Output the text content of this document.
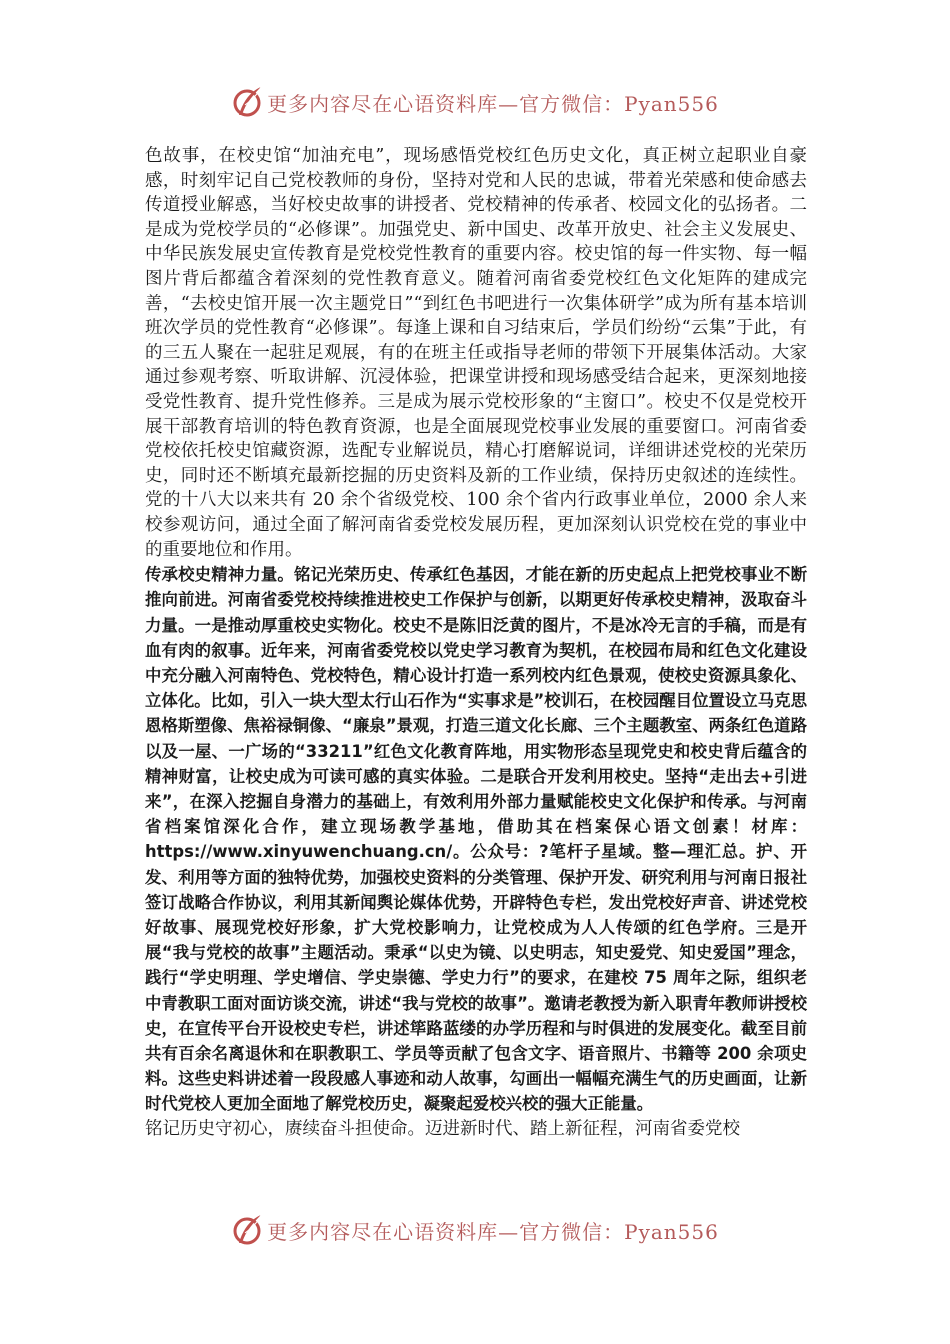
更多内容尽在心语资料库—官方微信：Pyan556

色故事，在校史馆“加油充电”，现场感悟党校红色历史文化，真正树立起职业自豪感，时刻牢记自己党校教师的身份，坚持对党和人民的忠诚，带着光荣感和使命感去传道授业解惑，当好校史故事的讲授者、党校精神的传承者、校园文化的弘扬者。二是成为党校学员的“必修课”。加强党史、新中国史、改革开放史、社会主义发展史、中华民族发展史宣传教育是党校党性教育的重要内容。校史馆的每一件实物、每一幅图片背后都蕴含着深刻的党性教育意义。随着河南省委党校红色文化矩阵的建成完善，“去校史馆开展一次主题党日”“到红色书吧进行一次集体研学”成为所有基本培训班次学员的党性教育“必修课”。每逢上课和自习结束后，学员们纷纷“云集”于此，有的三五人聚在一起驻足观展，有的在班主任或指导老师的带领下开展集体活动。大家通过参观考察、听取讲解、沉浸体验，把课堂讲授和现场感受结合起来，更深刻地接受党性教育、提升党性修养。三是成为展示党校形象的“主窗口”。校史不仅是党校开展干部教育培训的特色教育资源，也是全面展现党校事业发展的重要窗口。河南省委党校依托校史馆藏资源，选配专业解说员，精心打磨解说词，详细讲述党校的光荣历史，同时还不断填充最新挖掘的历史资料及新的工作业绩，保持历史叙述的连续性。党的十八大以来共有 20 余个省级党校、100 余个省内行政事业单位，2000 余人来校参观访问，通过全面了解河南省委党校发展历程，更加深刻认识党校在党的事业中的重要地位和作用。

传承校史精神力量。铭记光荣历史、传承红色基因，才能在新的历史起点上把党校事业不断推向前进。河南省委党校持续推进校史工作保护与创新，以期更好传承校史精神，汲取奋斗力量。一是推动厚重校史实物化。校史不是陈旧泛黄的图片，不是冰冷无言的手稿，而是有血有肉的叙事。近年来，河南省委党校以党史学习教育为契机，在校园布局和红色文化建设中充分融入河南特色、党校特色，精心设计打造一系列校内红色景观，使校史资源具象化、立体化。比如，引入一块大型太行山石作为“实事求是”校训石，在校园醒目位置设立马克思恩格斯塑像、焦裕禄铜像、“廉泉”景观，打造三道文化长廊、三个主题教室、两条红色道路以及一屋、一广场的“33211”红色文化教育阵地，用实物形态呈现党史和校史背后蕴含的精神财富，让校史成为可读可感的真实体验。二是联合开发利用校史。坚持“走出去+引进来”，在深入挖掘自身潜力的基础上，有效利用外部力量赋能校史文化保护和传承。与河南省档案馆深化合作，建立现场教学基地，借助其在档案保心语文创素！材库：https://www.xinyuwenchuang.cn/。公众号：?笔杆子星域。整—理汇总。护、开发、利用等方面的独特优势，加强校史资料的分类管理、保护开发、研究利用与河南日报社签订战略合作协议，利用其新闻舆论媒体优势，开辟特色专栏，发出党校好声音、讲述党校好故事、展现党校好形象，扩大党校影响力，让党校成为人人传颂的红色学府。三是开展“我与党校的故事”主题活动。秉承“以史为镜、以史明志，知史爱党、知史爱国”理念，践行“学史明理、学史增信、学史崇德、学史力行”的要求，在建校 75 周年之际，组织老中青教职工面对面访谈交流，讲述“我与党校的故事”。邀请老教授为新入职青年教师讲授校史，在宣传平台开设校史专栏，讲述筚路蓝缕的办学历程和与时俱进的发展变化。截至目前共有百余名离退休和在职教职工、学员等贡献了包含文字、语音照片、书籍等 200 余项史料。这些史料讲述着一段段感人事迹和动人故事，勾画出一幅幅充满生气的历史画面，让新时代党校人更加全面地了解党校历史，凝聚起爱校兴校的强大正能量。

铭记历史守初心，赓续奋斗担使命。迈进新时代、踏上新征程，河南省委党校

更多内容尽在心语资料库—官方微信：Pyan556
